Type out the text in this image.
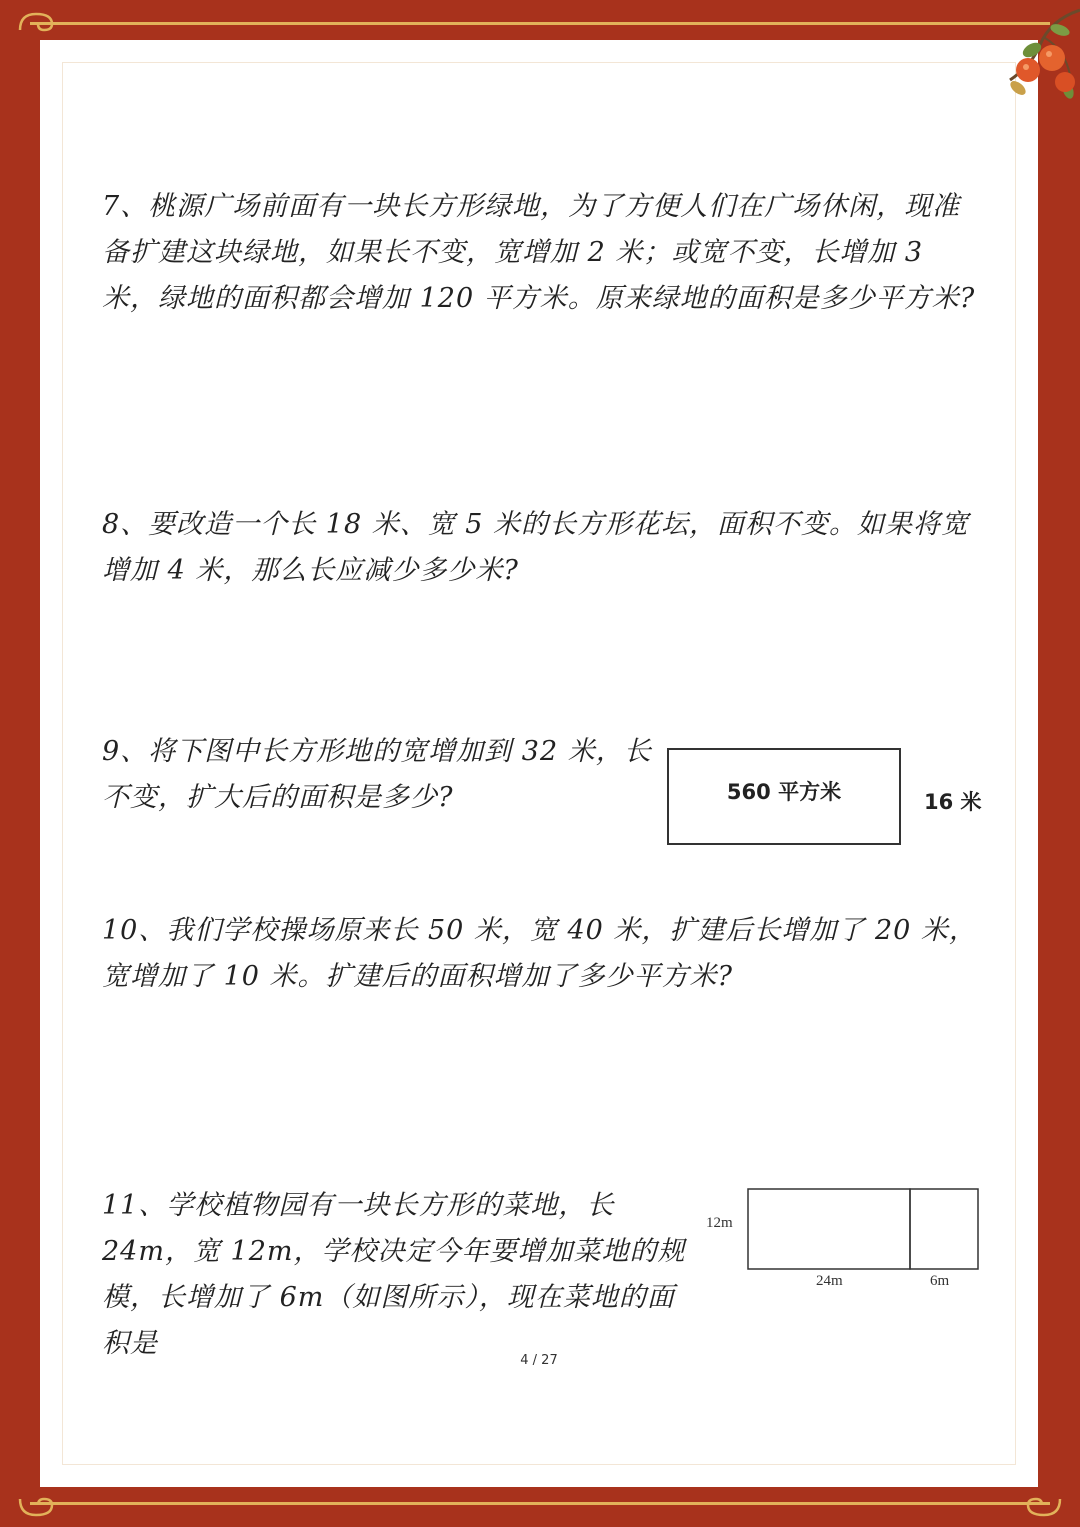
7、桃源广场前面有一块长方形绿地，为了方便人们在广场休闲，现准备扩建这块绿地，如果长不变，宽增加 2 米；或宽不变，长增加 3 米，绿地的面积都会增加 120 平方米。原来绿地的面积是多少平方米?
8、要改造一个长 18 米、宽 5 米的长方形花坛，面积不变。如果将宽增加 4 米，那么长应减少多少米?
9、将下图中长方形地的宽增加到 32 米，长不变，扩大后的面积是多少?	560 平方米	16 米
10、我们学校操场原来长 50 米，宽 40 米，扩建后长增加了 20 米，宽增加了 10 米。扩建后的面积增加了多少平方米?
11、学校植物园有一块长方形的菜地，长 24m，宽 12m，学校决定今年要增加菜地的规模，长增加了 6m（如图所示），现在菜地的面积是
12m
24m	6m
4 / 27
